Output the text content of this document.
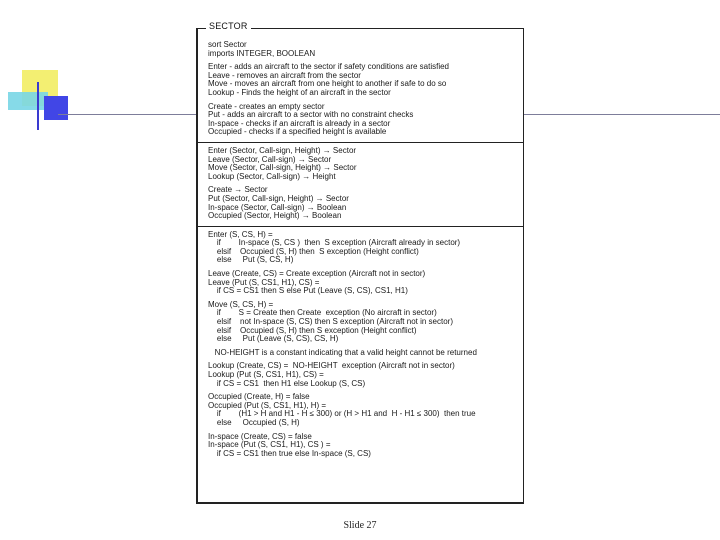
sort Sector
imports INTEGER, BOOLEAN
Enter - adds an aircraft to the sector if safety conditions are satisfied
Leave - removes an aircraft from the sector
Move - moves an aircraft from one height to another if safe to do so
Lookup - Finds the height of an aircraft in the sector
Create - creates an empty sector
Put - adds an aircraft to a sector with no constraint checks
In-space - checks if an aircraft is already in a sector
Occupied - checks if a specified height is available
Enter (Sector, Call-sign, Height) → Sector
Leave (Sector, Call-sign) → Sector
Move (Sector, Call-sign, Height) → Sector
Lookup (Sector, Call-sign) → Height
Create → Sector
Put (Sector, Call-sign, Height) → Sector
In-space (Sector, Call-sign) → Boolean
Occupied (Sector, Height) → Boolean
Enter (S, CS, H) =
if        In-space (S, CS )  then  S exception (Aircraft already in sector)
elsif    Occupied (S, H) then  S exception (Height conflict)
else     Put (S, CS, H)
Leave (Create, CS) = Create exception (Aircraft not in sector)
Leave (Put (S, CS1, H1), CS) =
if CS = CS1 then S else Put (Leave (S, CS), CS1, H1)
Move (S, CS, H) =
if        S = Create then Create  exception (No aircraft in sector)
elsif    not In-space (S, CS) then S exception (Aircraft not in sector)
elsif    Occupied (S, H) then S exception (Height conflict)
else     Put (Leave (S, CS), CS, H)
NO-HEIGHT is a constant indicating that a valid height cannot be returned
Lookup (Create, CS) =  NO-HEIGHT  exception (Aircraft not in sector)
Lookup (Put (S, CS1, H1), CS) =
if CS = CS1  then H1 else Lookup (S, CS)
Occupied (Create, H) = false
Occupied (Put (S, CS1, H1), H) =
if        (H1 > H and H1 - H ≤ 300) or (H > H1 and  H - H1 ≤ 300)  then true
else     Occupied (S, H)
In-space (Create, CS) = false
In-space (Put (S, CS1, H1), CS ) =
if CS = CS1 then true else In-space (S, CS)
SECTOR
Slide 27
